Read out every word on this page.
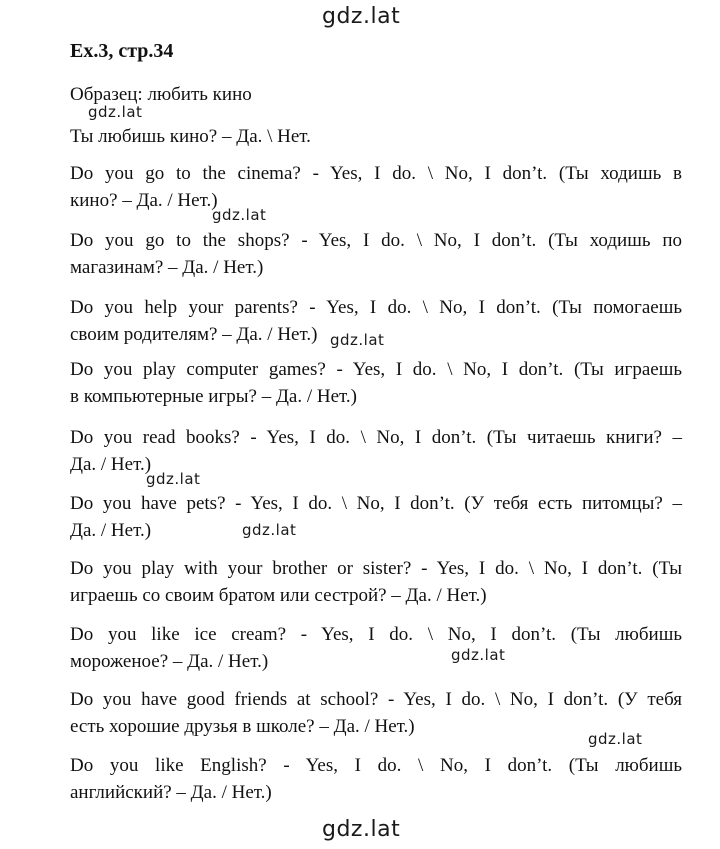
gdz.lat
Ex.3, стр.34
Образец: любить кино
gdz.lat
Ты любишь кино? – Да. \ Нет.
Do you go to the cinema? - Yes, I do. \ No, I don’t. (Ты ходишь в
кино? – Да. / Нет.)
gdz.lat
Do you go to the shops? - Yes, I do. \ No, I don’t. (Ты ходишь по
магазинам? – Да. / Нет.)
Do you help your parents? - Yes, I do. \ No, I don’t. (Ты помогаешь
своим родителям? – Да. / Нет.) gdz.lat
Do you play computer games? - Yes, I do. \ No, I don’t. (Ты играешь
в компьютерные игры? – Да. / Нет.)
Do you read books? - Yes, I do. \ No, I don’t. (Ты читаешь книги? –
Да. / Нет.)
gdz.lat
Do you have pets? - Yes, I do. \ No, I don’t. (У тебя есть питомцы? –
Да. / Нет.)	gdz.lat
Do you play with your brother or sister? - Yes, I do. \ No, I don’t. (Ты
играешь со своим братом или сестрой? – Да. / Нет.)
Do you like ice cream? - Yes, I do. \ No, I don’t. (Ты любишь
мороженое? – Да. / Нет.)	gdz.lat
Do you have good friends at school? - Yes, I do. \ No, I don’t. (У тебя
есть хорошие друзья в школе? – Да. / Нет.)
gdz.lat
Do you like English? - Yes, I do. \ No, I don’t. (Ты любишь
английский? – Да. / Нет.)
gdz.lat
